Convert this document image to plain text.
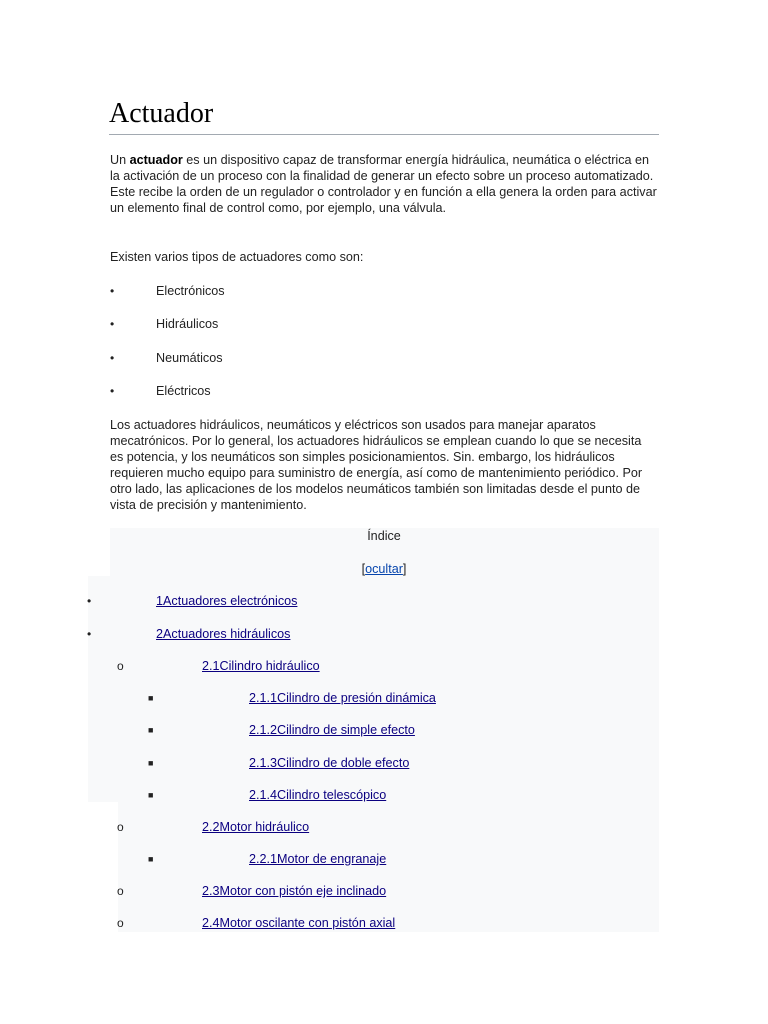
Actuador

Un actuador es un dispositivo capaz de transformar energía hidráulica, neumática o eléctrica en la activación de un proceso con la finalidad de generar un efecto sobre un proceso automatizado. Este recibe la orden de un regulador o controlador y en función a ella genera la orden para activar un elemento final de control como, por ejemplo, una válvula.

Existen varios tipos de actuadores como son:

•	Electrónicos
•	Hidráulicos
•	Neumáticos
•	Eléctricos

Los actuadores hidráulicos, neumáticos y eléctricos son usados para manejar aparatos mecatrónicos. Por lo general, los actuadores hidráulicos se emplean cuando lo que se necesita es potencia, y los neumáticos son simples posicionamientos. Sin. embargo, los hidráulicos requieren mucho equipo para suministro de energía, así como de mantenimiento periódico. Por otro lado, las aplicaciones de los modelos neumáticos también son limitadas desde el punto de vista de precisión y mantenimiento.

Índice
[ocultar]
•	1Actuadores electrónicos
•	2Actuadores hidráulicos
o	2.1Cilindro hidráulico
■	2.1.1Cilindro de presión dinámica
■	2.1.2Cilindro de simple efecto
■	2.1.3Cilindro de doble efecto
■	2.1.4Cilindro telescópico
o	2.2Motor hidráulico
■	2.2.1Motor de engranaje
o	2.3Motor con pistón eje inclinado
o	2.4Motor oscilante con pistón axial
